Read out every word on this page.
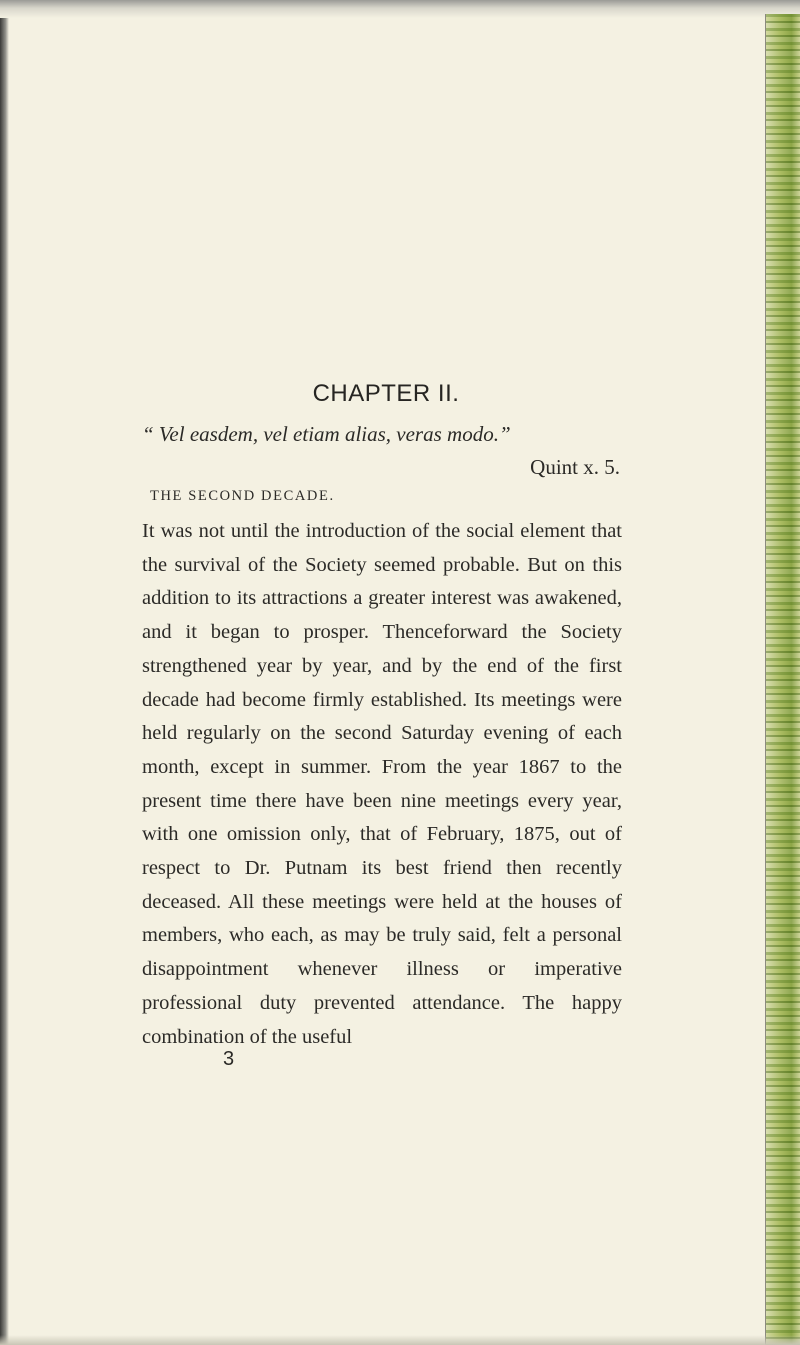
CHAPTER II.

“ Vel easdem, vel etiam alias, veras modo.”

Quint x. 5.

THE SECOND DECADE.

It was not until the introduction of the social element that the survival of the Society seemed probable. But on this addition to its attractions a greater interest was awakened, and it began to prosper. Thenceforward the Society strengthened year by year, and by the end of the first decade had become firmly established. Its meetings were held regularly on the second Saturday evening of each month, except in summer. From the year 1867 to the present time there have been nine meetings every year, with one omission only, that of February, 1875, out of respect to Dr. Putnam its best friend then recently deceased. All these meetings were held at the houses of members, who each, as may be truly said, felt a personal disappointment whenever illness or imperative professional duty prevented attendance. The happy combination of the useful

3
